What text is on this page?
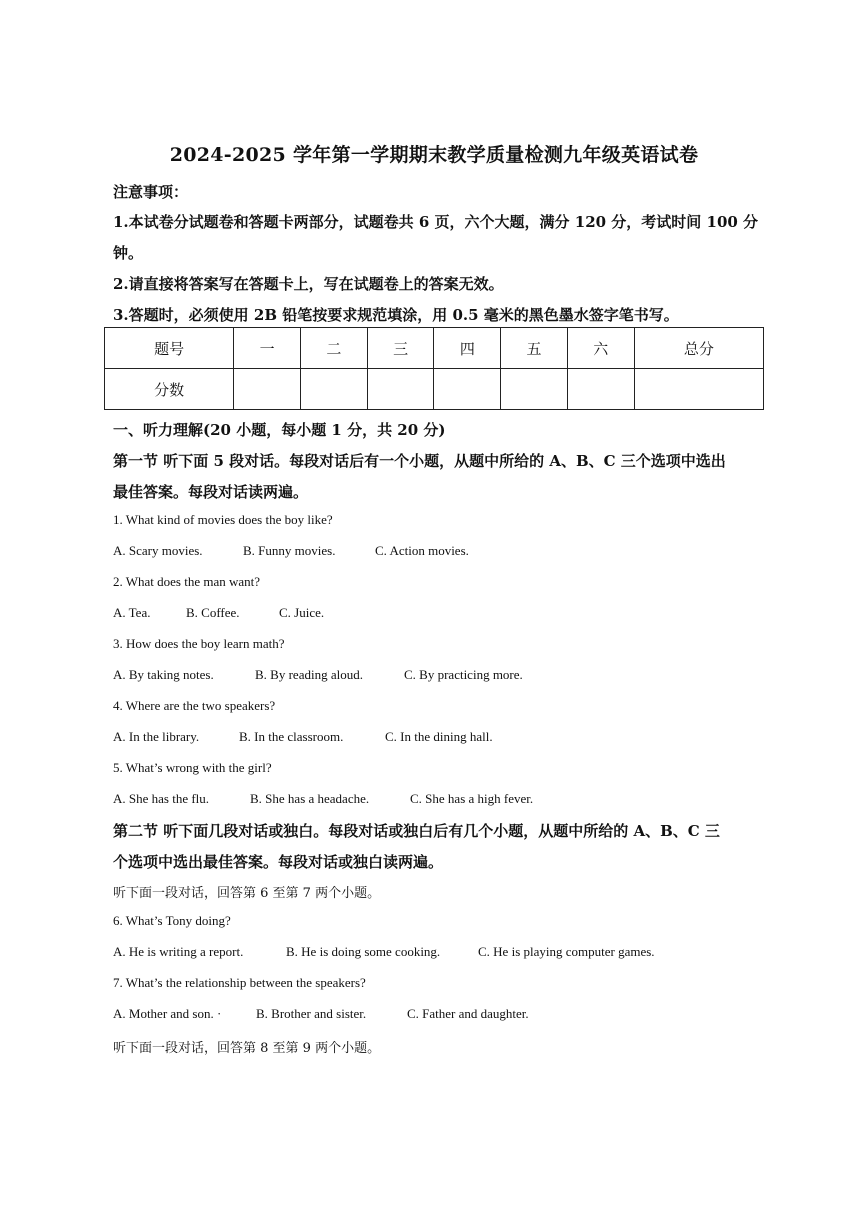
2024-2025 学年第一学期期末教学质量检测九年级英语试卷
注意事项：
1.本试卷分试题卷和答题卡两部分，试题卷共 6 页，六个大题，满分 120 分，考试时间 100 分
钟。
2.请直接将答案写在答题卡上，写在试题卷上的答案无效。
3.答题时，必须使用 2B 铅笔按要求规范填涂，用 0.5 毫米的黑色墨水签字笔书写。
题号	一	二	三	四	五	六	总分
分数							
一、听力理解(20 小题，每小题 1 分，共 20 分)
第一节 听下面 5 段对话。每段对话后有一个小题，从题中所给的 A、B、C 三个选项中选出
最佳答案。每段对话读两遍。
1. What kind of movies does the boy like?
A. Scary movies.	B. Funny movies.	C. Action movies.
2. What does the man want?
A. Tea.	B. Coffee.	C. Juice.
3. How does the boy learn math?
A. By taking notes.	B. By reading aloud.	C. By practicing more.
4. Where are the two speakers?
A. In the library.	B. In the classroom.	C. In the dining hall.
5. What’s wrong with the girl?
A. She has the flu.	B. She has a headache.	C. She has a high fever.
第二节 听下面几段对话或独白。每段对话或独白后有几个小题，从题中所给的 A、B、C 三
个选项中选出最佳答案。每段对话或独白读两遍。
听下面一段对话，回答第 6 至第 7 两个小题。
6. What’s Tony doing?
A. He is writing a report.	B. He is doing some cooking.	C. He is playing computer games.
7. What’s the relationship between the speakers?
A. Mother and son. ·	B. Brother and sister.	C. Father and daughter.
听下面一段对话，回答第 8 至第 9 两个小题。
